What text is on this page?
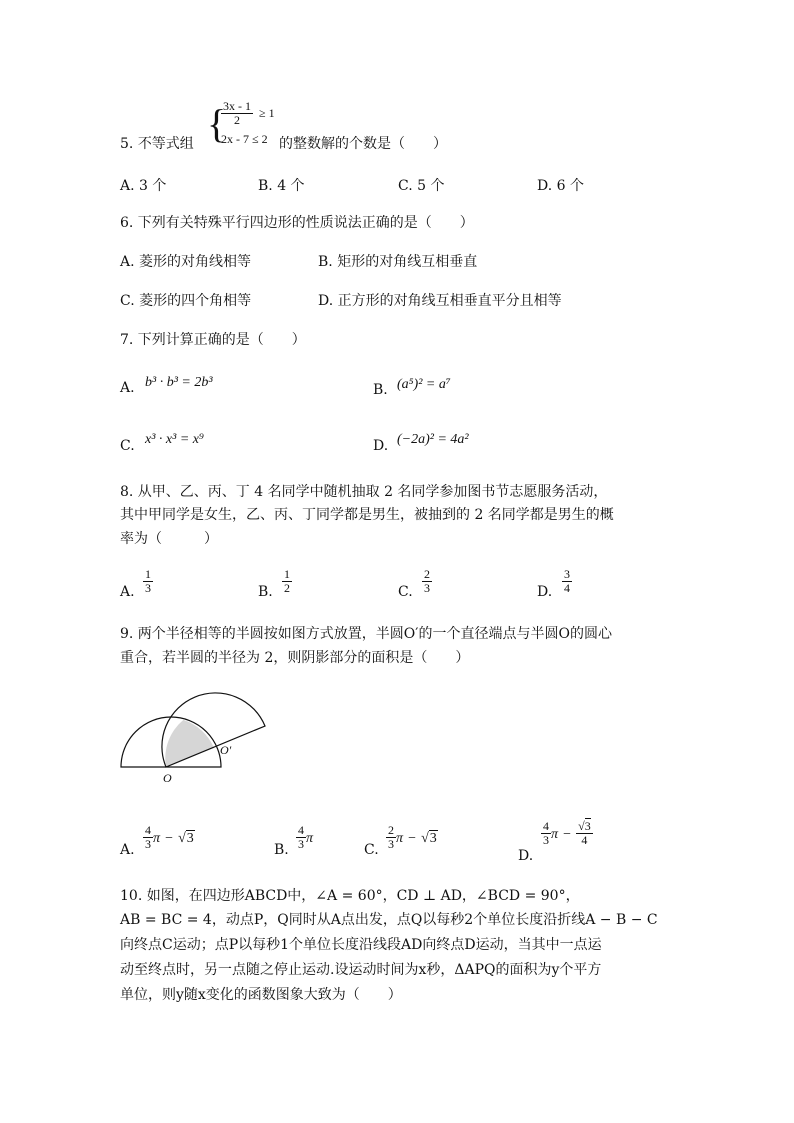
{
$\frac{3x - 1}{2} \ge 1$
2x - 7 ≤ 2
5. 不等式组	的整数解的个数是（　　）
A. 3 个	B. 4 个	C. 5 个	D. 6 个
6. 下列有关特殊平行四边形的性质说法正确的是（　　）
A. 菱形的对角线相等	B. 矩形的对角线互相垂直
C. 菱形的四个角相等	D. 正方形的对角线互相垂直平分且相等
7. 下列计算正确的是（　　）
A. b³ · b³ = 2b³	B. (a⁵)² = a⁷
C. x³ · x³ = x⁹	D. (−2a)² = 4a²
8. 从甲、乙、丙、丁 4 名同学中随机抽取 2 名同学参加图书节志愿服务活动，
其中甲同学是女生，乙、丙、丁同学都是男生，被抽到的 2 名同学都是男生的概
率为（　　　）
A. $\frac{1}{3}$	B. $\frac{1}{2}$	C. $\frac{2}{3}$	D. $\frac{3}{4}$
9. 两个半径相等的半圆按如图方式放置，半圆O′的一个直径端点与半圆O的圆心
重合，若半圆的半径为 2，则阴影部分的面积是（　　）
O
O′
A. $\frac{4}{3}$ π − √3
B. $\frac{4}{3}$ π
C. $\frac{2}{3}$ π − √3
D.
$\frac{4}{3}$ $\pi - \frac{√3}{4}$
10. 如图，在四边形ABCD中，∠A = 60°，CD ⊥ AD，∠BCD = 90°，
AB = BC = 4，动点P，Q同时从A点出发，点Q以每秒2个单位长度沿折线A − B − C
向终点C运动；点P以每秒1个单位长度沿线段AD向终点D运动，当其中一点运
动至终点时，另一点随之停止运动.设运动时间为x秒，ΔAPQ的面积为y个平方
单位，则y随x变化的函数图象大致为（　　）
